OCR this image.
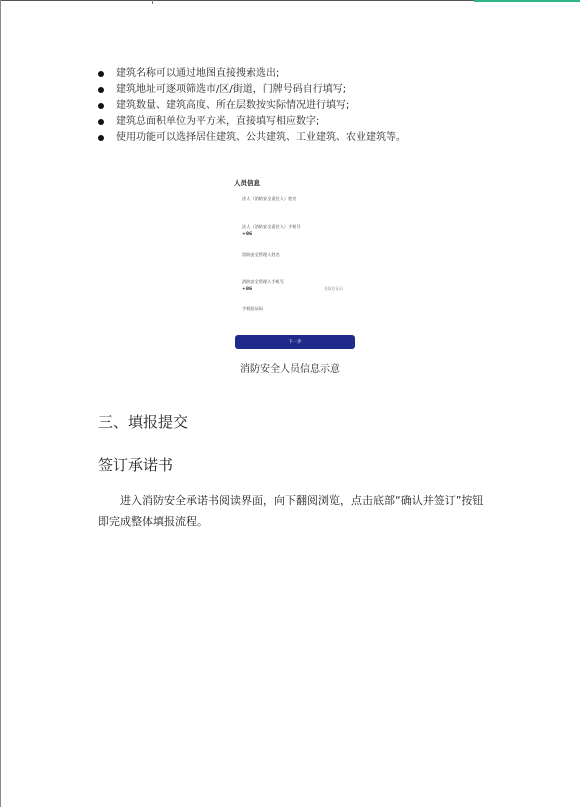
建筑名称可以通过地图直接搜索选出;
建筑地址可逐项筛选市/区/街道，门牌号码自行填写;
建筑数量、建筑高度、所在层数按实际情况进行填写;
建筑总面积单位为平方米，直接填写相应数字;
使用功能可以选择居住建筑、公共建筑、工业建筑、农业建筑等。
人员信息
法人（消防安全责任人）姓名
法人（消防安全责任人）手机号
+86
消防安全管理人姓名
消防安全管理人手机号
+86	获取验证码
手机验证码
下一步
消防安全人员信息示意
三、填报提交
签订承诺书

进入消防安全承诺书阅读界面，向下翻阅浏览，点击底部“确认并签订”按钮即完成整体填报流程。
